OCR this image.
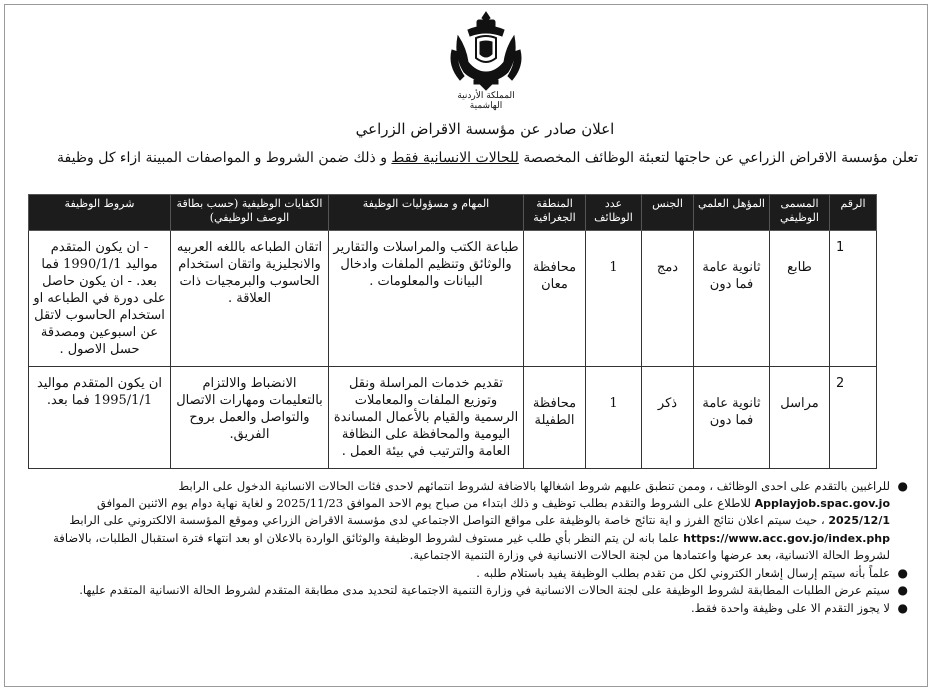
المملكة الأردنية الهاشمية
اعلان صادر عن مؤسسة الاقراض الزراعي
تعلن مؤسسة الاقراض الزراعي عن حاجتها لتعبئة الوظائف المخصصة للحالات الانسانية فقط و ذلك ضمن الشروط و المواصفات المبينة ازاء كل وظيفة
الرقم	المسمى الوظيفي	المؤهل العلمي	الجنس	عدد الوظائف	المنطقة الجغرافية	المهام و مسؤوليات الوظيفة	الكفايات الوظيفية (حسب بطاقة الوصف الوظيفي)	شروط الوظيفة
1	طابع	ثانوية عامة فما دون	دمج	1	محافظة معان	طباعة الكتب والمراسلات والتقارير والوثائق وتنظيم الملفات وادخال البيانات والمعلومات .	اتقان الطباعه باللغه العربيه والانجليزية واتقان استخدام الحاسوب والبرمجيات ذات العلاقة .	- ان يكون المتقدم مواليد 1990/1/1 فما بعد. - ان يكون حاصل على دورة في الطباعه او استخدام الحاسوب لاتقل عن اسبوعين ومصدقة حسل الاصول .
2	مراسل	ثانوية عامة فما دون	ذكر	1	محافظة الطفيلة	تقديم خدمات المراسلة ونقل وتوزيع الملفات والمعاملات الرسمية والقيام بالأعمال المساندة اليومية والمحافظة على النظافة العامة والترتيب في بيئة العمل .	الانضباط والالتزام بالتعليمات ومهارات الاتصال والتواصل والعمل بروح الفريق.	ان يكون المتقدم مواليد 1995/1/1 فما بعد.
●
للراغبين بالتقدم على احدى الوظائف ، وممن تنطبق عليهم شروط اشغالها بالاضافة لشروط انتمائهم لاحدى فئات الحالات الانسانية الدخول على الرابط Applayjob.spac.gov.jo للاطلاع على الشروط والتقدم بطلب توظيف و ذلك ابتداء من صباح يوم الاحد الموافق 2025/11/23 و لغاية نهاية دوام يوم الاثنين الموافق 2025/12/1 ، حيث سيتم اعلان نتائج الفرز و اية نتائج خاصة بالوظيفة على مواقع التواصل الاجتماعي لدى مؤسسة الاقراض الزراعي وموقع المؤسسة الالكتروني على الرابط https://www.acc.gov.jo/index.php علما بانه لن يتم النظر بأي طلب غير مستوف لشروط الوظيفة والوثائق الواردة بالاعلان او بعد انتهاء فترة استقبال الطلبات، بالاضافة لشروط الحالة الانسانية، بعد عرضها واعتمادها من لجنة الحالات الانسانية في وزارة التنمية الاجتماعية.
●
علماً بأنه سيتم إرسال إشعار الكتروني لكل من تقدم بطلب الوظيفة يفيد باستلام طلبه .
●
سيتم عرض الطلبات المطابقة لشروط الوظيفة على لجنة الحالات الانسانية في وزارة التنمية الاجتماعية لتحديد مدى مطابقة المتقدم لشروط الحالة الانسانية المتقدم عليها.
●
لا يجوز التقدم الا على وظيفة واحدة فقط.
